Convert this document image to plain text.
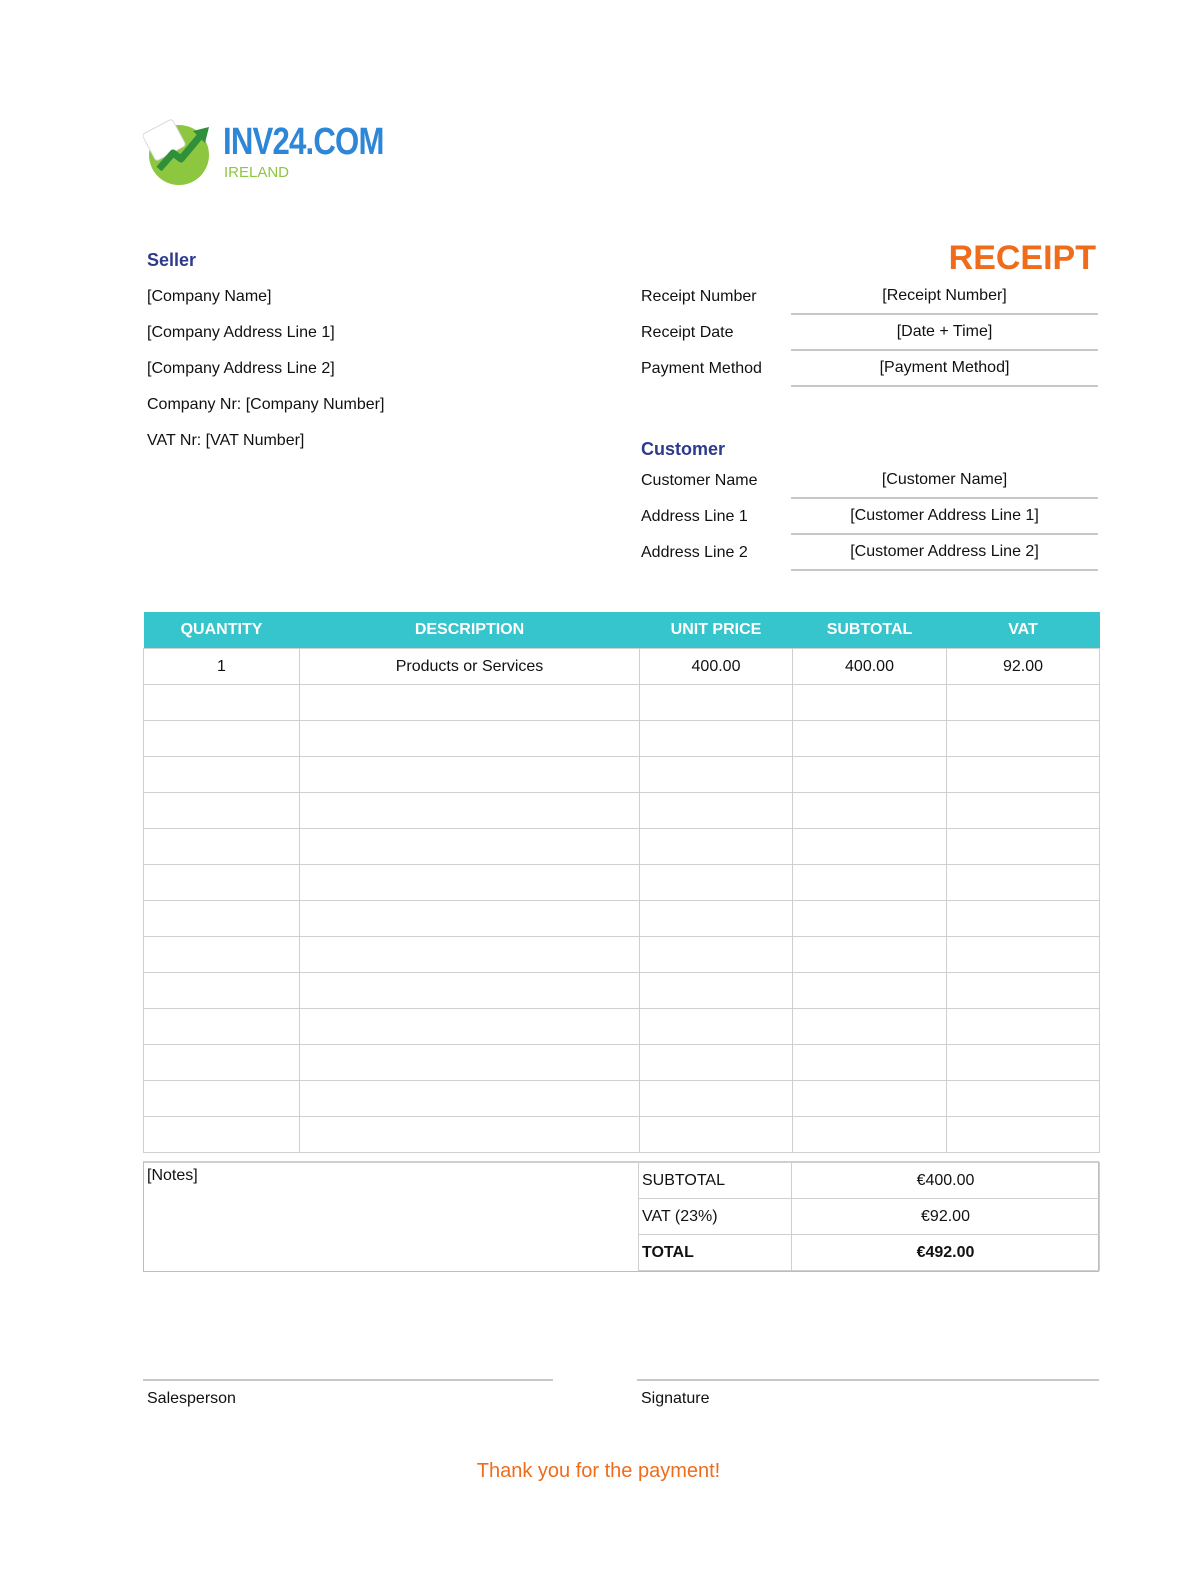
INV24.COM
IRELAND
Seller
[Company Name]
[Company Address Line 1]
[Company Address Line 2]
Company Nr: [Company Number]
VAT Nr: [VAT Number]
RECEIPT
Receipt Number	[Receipt Number]
Receipt Date	[Date + Time]
Payment Method	[Payment Method]
Customer
Customer Name	[Customer Name]
Address Line 1	[Customer Address Line 1]
Address Line 2	[Customer Address Line 2]
QUANTITY	DESCRIPTION	UNIT PRICE	SUBTOTAL	VAT
1	Products or Services	400.00	400.00	92.00

[Notes]	SUBTOTAL	€400.00
VAT (23%)	€92.00
TOTAL	€492.00
Salesperson	Signature
Thank you for the payment!
